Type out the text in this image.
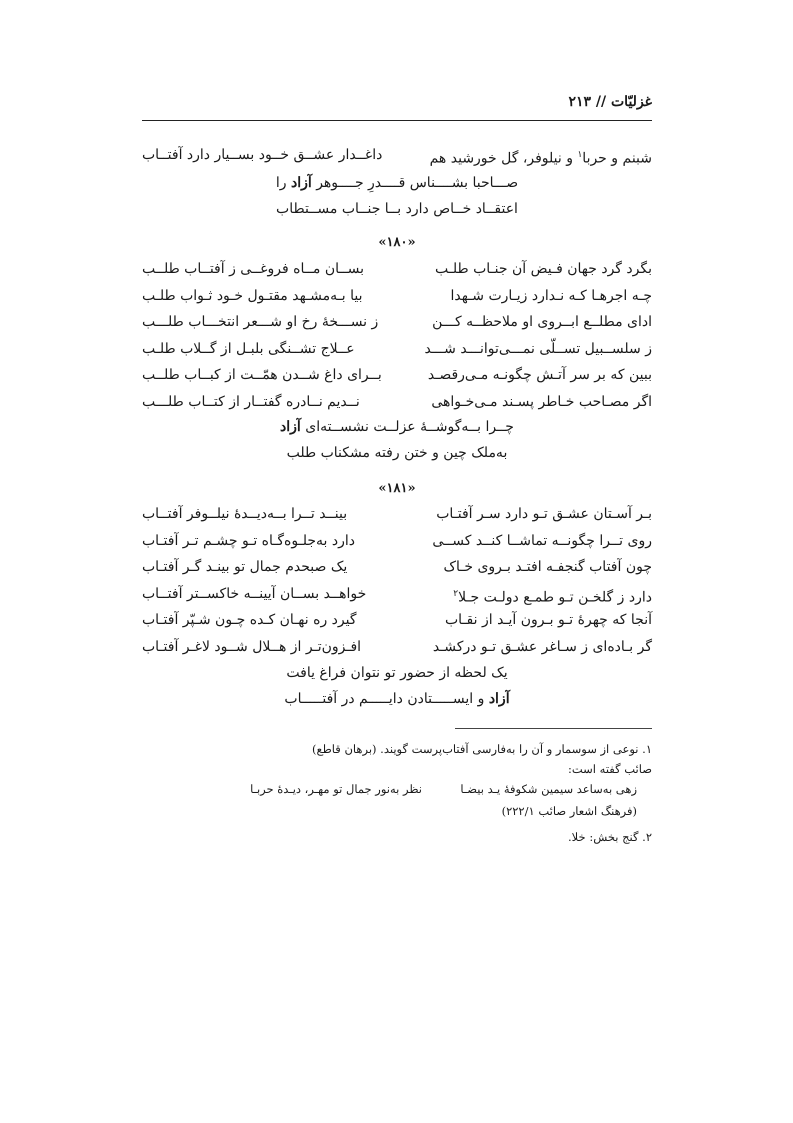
غزلیّات // ۲۱۳
شبنم و حربا$^۱$ و نیلوفر، گل خورشید هم
داغــدار عشــق خــود بســیار دارد آفتــاب
صـــاحبا بشــــناس قــــدرِ جــــوهر آزاد را
اعتقــاد خــاص دارد بــا جنــاب مســتطاب
«۱۸۰»
بگرد گرد جهان فـیض آن جنـاب طلـب
بســان مــاه فروغــی ز آفتــاب طلــب
چـه اجرهـا کـه نـدارد زیـارت شـهدا
بیا بـه‌مشـهد مقتـول خـود ثـواب طلـب
ادای مطلــع ابــروی او ملاحظــه کـــن
ز نســـخهٔ رخ او شـــعر انتخـــاب طلـــب
ز سلســبیل تســلّی نمـــی‌توانـــد شـــد
عــلاج تشــنگی بلبـل از گــلاب طلـب
ببین که بر سر آتـش چگونـه مـی‌رقصـد
بــرای داغ شــدن همّــت از کبــاب طلــب
اگر مصـاحب خـاطر پسـند مـی‌خـواهی
نــدیم نــادره گفتــار از کتــاب طلـــب
چــرا بــه‌گوشــهٔ عزلــت نشســته‌ای آزاد
به‌ملک چین و ختن رفته مشکناب طلب
«۱۸۱»
بـر آسـتان عشـق تـو دارد سـر آفتـاب
بینــد تــرا بــه‌دیــدهٔ نیلــوفر آفتــاب
روی تــرا چگونــه تماشــا کنــد کســی
دارد به‌جلـوه‌گـاه تـو چشـم تـر آفتـاب
چون آفتاب گنجفـه افتـد بـروی خـاک
یک صبحدم جمال تو بینـد گـر آفتـاب
دارد ز گلخـن تـو طمـع دولـت جـلا$^۲$
خواهــد بســان آیینــه خاکســتر آفتــاب
آنجا که چهرهٔ تـو بـرون آیـد از نقـاب
گیرد ره نهـان کـده چـون شـپّر آفتـاب
گر بـاده‌ای ز سـاغر عشـق تـو درکشـد
افـزون‌تـر از هــلال شــود لاغـر آفتـاب
یک لحظه از حضور تو نتوان فراغ یافت
آزاد و ایســـــتادن دایـــــم در آفتـــــاب
۱. نوعی از سوسمار و آن را به‌فارسی آفتاب‌پرست گویند. (برهان قاطع)
صائب گفته است:
زهی به‌ساعد سیمین شکوفهٔ یـد بیضـا
نظر به‌نور جمال تو مهـر، دیـدهٔ حربـا
(فرهنگ اشعار صائب ۲۲۲/۱)
۲. گنج بخش: خلا.
